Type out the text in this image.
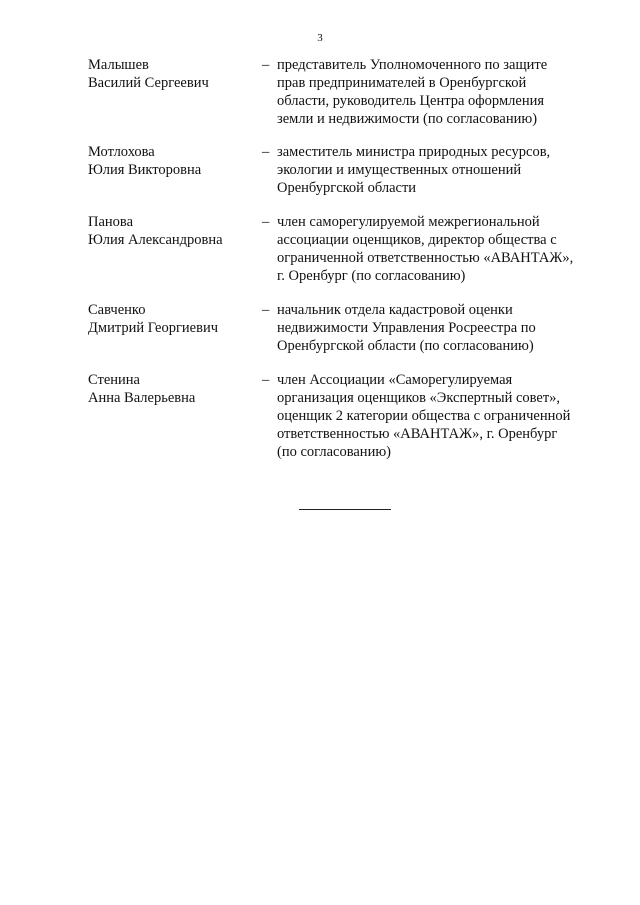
3
Малышев
Василий Сергеевич
– представитель Уполномоченного по защите
прав предпринимателей в Оренбургской
области, руководитель Центра оформления
земли и недвижимости (по согласованию)
Мотлохова
Юлия Викторовна
– заместитель министра природных ресурсов,
экологии и имущественных отношений
Оренбургской области
Панова
Юлия Александровна
– член саморегулируемой межрегиональной
ассоциации оценщиков, директор общества с
ограниченной ответственностью «АВАНТАЖ»,
г. Оренбург (по согласованию)
Савченко
Дмитрий Георгиевич
– начальник отдела кадастровой оценки
недвижимости Управления Росреестра по
Оренбургской области (по согласованию)
Стенина
Анна Валерьевна
– член Ассоциации «Саморегулируемая
организация оценщиков «Экспертный совет»,
оценщик 2 категории общества с ограниченной
ответственностью «АВАНТАЖ», г. Оренбург
(по согласованию)
